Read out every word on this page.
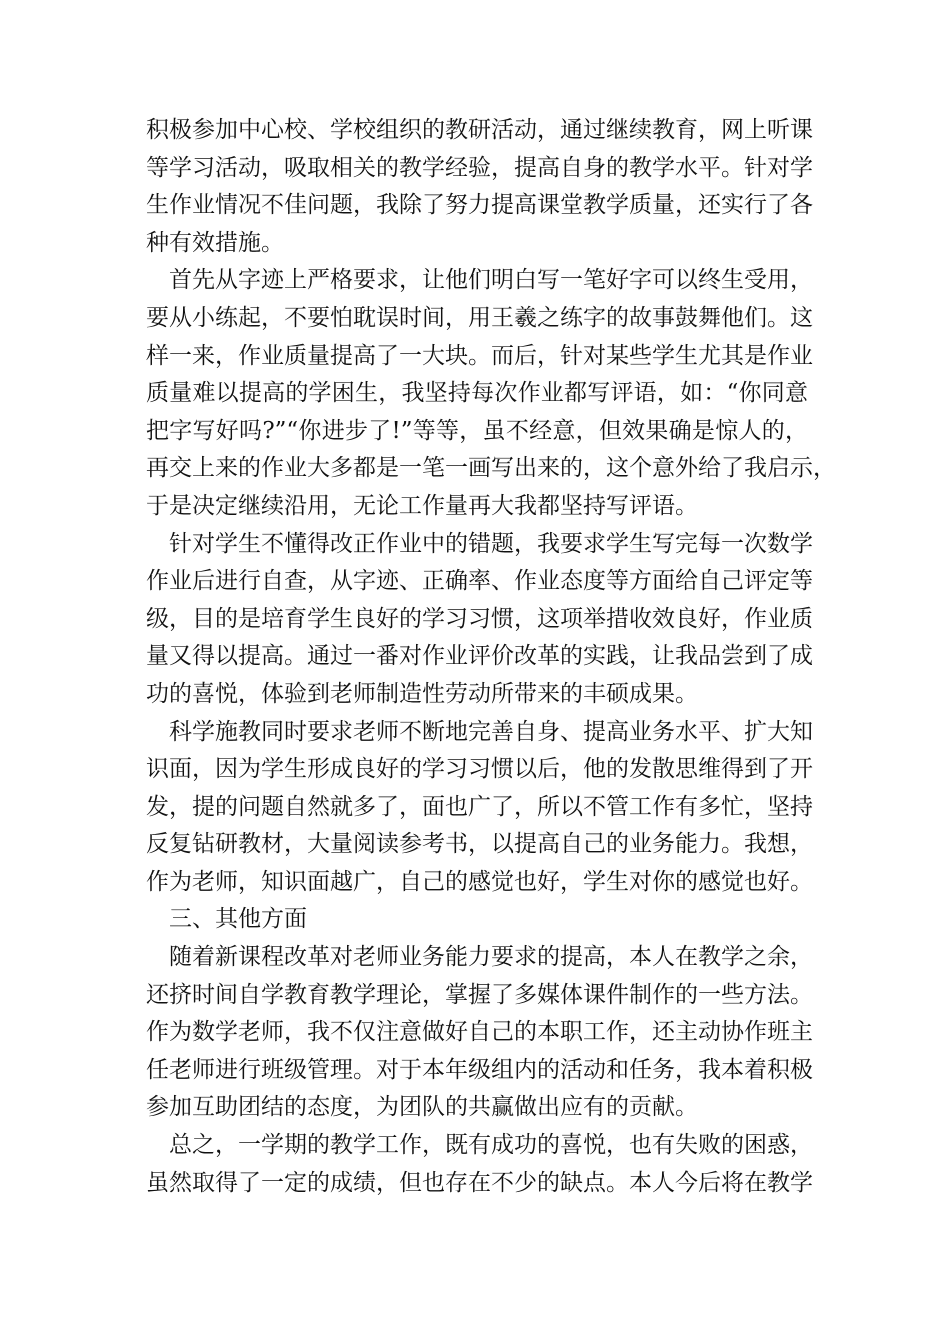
积极参加中心校、学校组织的教研活动，通过继续教育，网上听课
等学习活动，吸取相关的教学经验，提高自身的教学水平。针对学
生作业情况不佳问题，我除了努力提高课堂教学质量，还实行了各
种有效措施。
首先从字迹上严格要求，让他们明白写一笔好字可以终生受用，
要从小练起，不要怕耽误时间，用王羲之练字的故事鼓舞他们。这
样一来，作业质量提高了一大块。而后，针对某些学生尤其是作业
质量难以提高的学困生，我坚持每次作业都写评语，如：“你同意
把字写好吗?”“你进步了!”等等，虽不经意，但效果确是惊人的，
再交上来的作业大多都是一笔一画写出来的，这个意外给了我启示，
于是决定继续沿用，无论工作量再大我都坚持写评语。
针对学生不懂得改正作业中的错题，我要求学生写完每一次数学
作业后进行自查，从字迹、正确率、作业态度等方面给自己评定等
级，目的是培育学生良好的学习习惯，这项举措收效良好，作业质
量又得以提高。通过一番对作业评价改革的实践，让我品尝到了成
功的喜悦，体验到老师制造性劳动所带来的丰硕成果。
科学施教同时要求老师不断地完善自身、提高业务水平、扩大知
识面，因为学生形成良好的学习习惯以后，他的发散思维得到了开
发，提的问题自然就多了，面也广了，所以不管工作有多忙，坚持
反复钻研教材，大量阅读参考书，以提高自己的业务能力。我想，
作为老师，知识面越广，自己的感觉也好，学生对你的感觉也好。
三、其他方面
随着新课程改革对老师业务能力要求的提高，本人在教学之余，
还挤时间自学教育教学理论，掌握了多媒体课件制作的一些方法。
作为数学老师，我不仅注意做好自己的本职工作，还主动协作班主
任老师进行班级管理。对于本年级组内的活动和任务，我本着积极
参加互助团结的态度，为团队的共赢做出应有的贡献。
总之，一学期的教学工作，既有成功的喜悦，也有失败的困惑，
虽然取得了一定的成绩，但也存在不少的缺点。本人今后将在教学
